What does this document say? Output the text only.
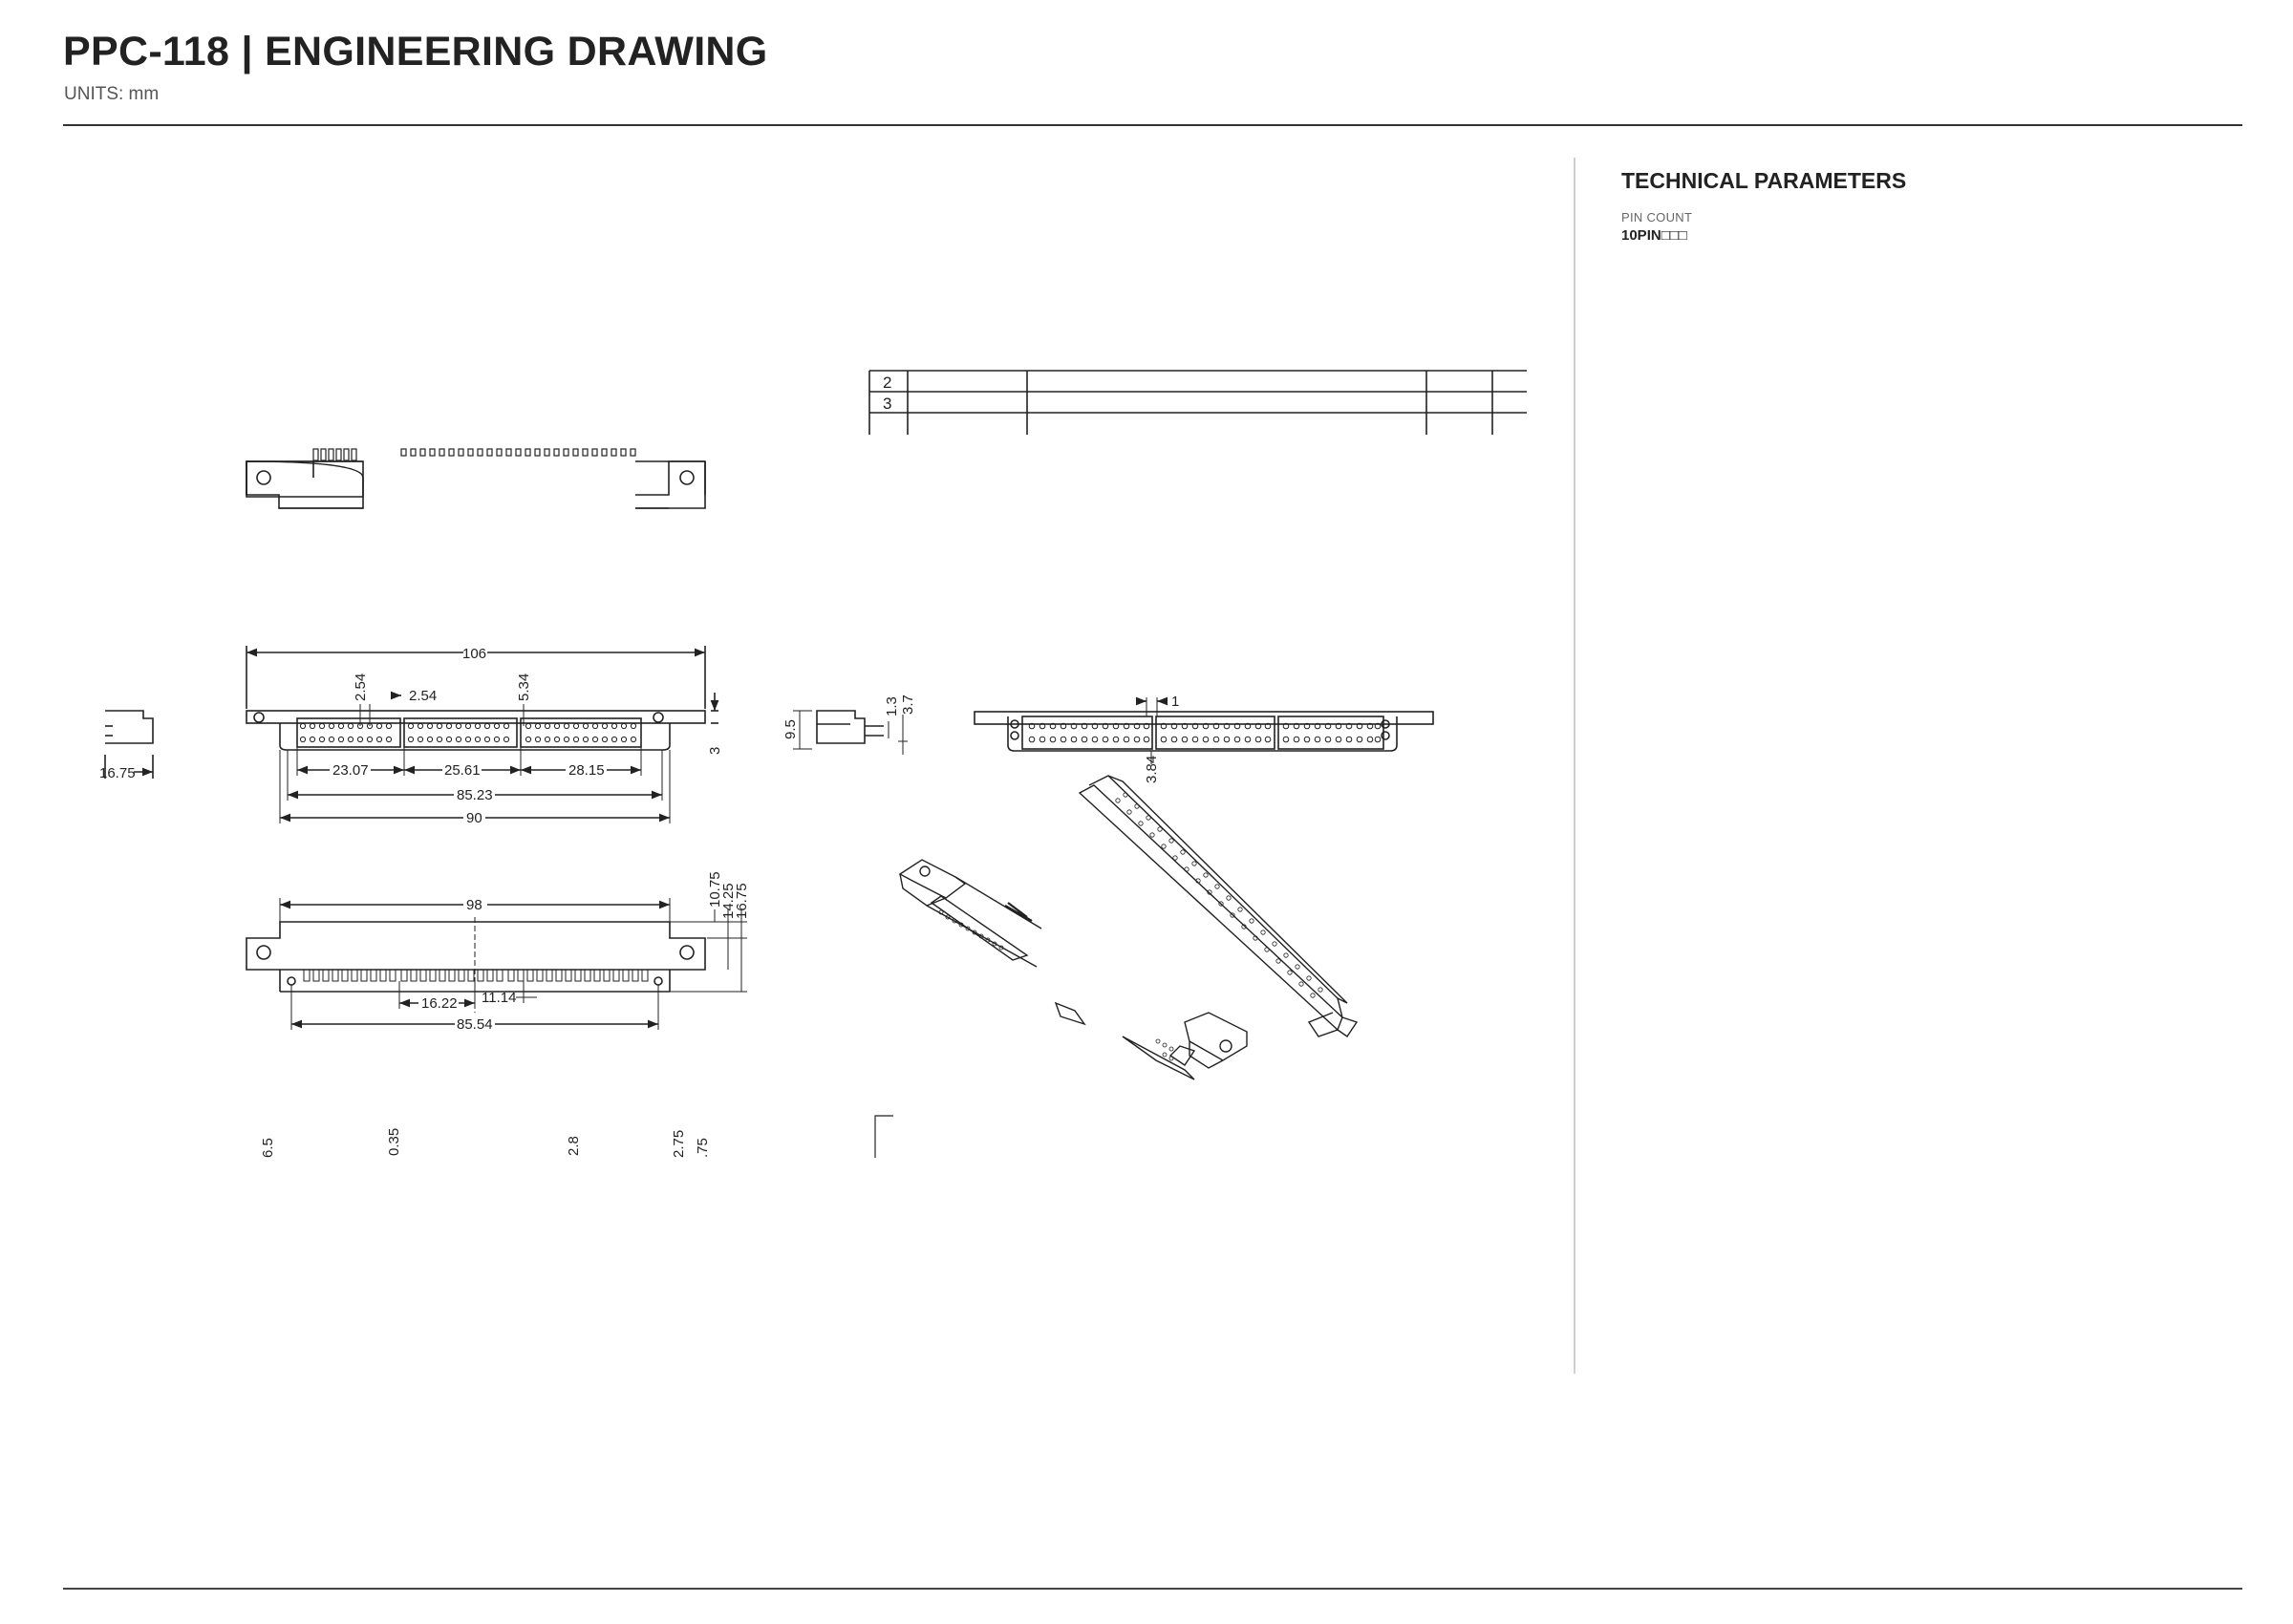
PPC-118 | ENGINEERING DRAWING
UNITS: mm
2
3
16.75
106
2.54	2.54	5.34
3
23.07	25.61	28.15
85.23
90
9.5
1.3 3.7	1
3.84
98	10.75
14.25
16.75
16.22 11.14
85.54
6.5	0.35	2.8	2.75 .75
TECHNICAL PARAMETERS
PIN COUNT
10PIN□□□
